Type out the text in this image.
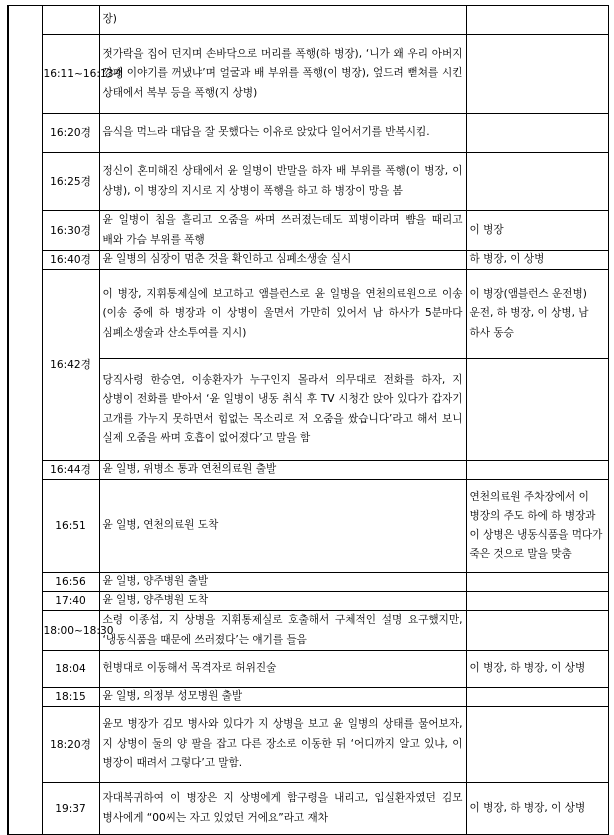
		장)	
	16:11~16:13경	젓가락을 집어 던지며 손바닥으로 머리를 폭행(하 병장), ‘니가 왜 우리 아버지 깡패 이야기를 꺼냈냐’며 얼굴과 배 부위를 폭행(이 병장), 엎드려 뻗쳐를 시킨 상태에서 복부 등을 폭행(지 상병)	
	16:20경	음식을 먹느라 대답을 잘 못했다는 이유로 앉았다 일어서기를 반복시킴.	
	16:25경	정신이 혼미해진 상태에서 윤 일병이 반말을 하자 배 부위를 폭행(이 병장, 이 상병), 이 병장의 지시로 지 상병이 폭행을 하고 하 병장이 망을 봄	
	16:30경	윤 일병이 침을 흘리고 오줌을 싸며 쓰러졌는데도 꾀병이라며 뺨을 때리고 배와 가슴 부위를 폭행	이 병장
	16:40경	윤 일병의 심장이 멈춘 것을 확인하고 심폐소생술 실시	하 병장, 이 상병
	16:42경	이 병장, 지휘통제실에 보고하고 앰블런스로 윤 일병을 연천의료원으로 이송(이송 중에 하 병장과 이 상병이 울면서 가만히 있어서 남 하사가 5분마다 심폐소생술과 산소투여를 지시)	이 병장(앰블런스 운전병) 운전, 하 병장, 이 상병, 남 하사 동승
		당직사령 한승연, 이송환자가 누구인지 몰라서 의무대로 전화를 하자, 지 상병이 전화를 받아서 ‘윤 일병이 냉동 취식 후 TV 시청간 앉아 있다가 갑자기 고개를 가누지 못하면서 힘없는 목소리로 저 오줌을 쌌습니다’라고 해서 보니 실제 오줌을 싸며 호흡이 없어졌다’고 말을 함	
	16:44경	윤 일병, 위병소 통과 연천의료원 출발	
	16:51	윤 일병, 연천의료원 도착	연천의료원 주차장에서 이 병장의 주도 하에 하 병장과 이 상병은 냉동식품을 먹다가 죽은 것으로 말을 맞춤
	16:56	윤 일병, 양주병원 출발	
	17:40	윤 일병, 양주병원 도착	
	18:00~18:30	소령 이종섭, 지 상병을 지휘통제실로 호출해서 구체적인 설명 요구했지만, ‘냉동식품을 때문에 쓰러졌다’는 얘기를 들음	
	18:04	헌병대로 이동해서 목격자로 허위진술	이 병장, 하 병장, 이 상병
	18:15	윤 일병, 의정부 성모병원 출발	
	18:20경	윤모 병장가 김모 병사와 있다가 지 상병을 보고 윤 일병의 상태를 물어보자, 지 상병이 둘의 양 팔을 잡고 다른 장소로 이동한 뒤 ‘어디까지 알고 있냐, 이 병장이 때려서 그렇다’고 말함.	
	19:37	자대복귀하여 이 병장은 지 상병에게 함구령을 내리고, 입실환자였던 김모 병사에게 “00씨는 자고 있었던 거에요”라고 재차	이 병장, 하 병장, 이 상병
